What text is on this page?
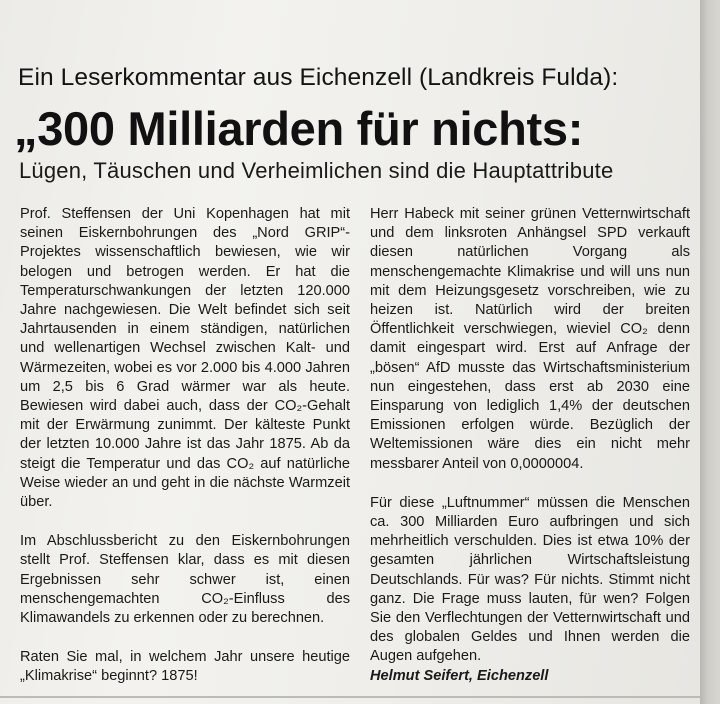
Ein Leserkommentar aus Eichenzell (Landkreis Fulda):
„300 Milliarden für nichts:
Lügen, Täuschen und Verheimlichen sind die Hauptattribute

Prof. Steffensen der Uni Kopenhagen hat mit seinen Eiskernbohrungen des „Nord GRIP“-Projektes wissenschaftlich bewiesen, wie wir belogen und betrogen werden. Er hat die Temperaturschwankungen der letzten 120.000 Jahre nachgewiesen. Die Welt befindet sich seit Jahrtausenden in einem ständigen, natürlichen und wellenartigen Wechsel zwischen Kalt- und Wärmezeiten, wobei es vor 2.000 bis 4.000 Jahren um 2,5 bis 6 Grad wärmer war als heute. Bewiesen wird dabei auch, dass der CO₂-Gehalt mit der Erwärmung zunimmt. Der kälteste Punkt der letzten 10.000 Jahre ist das Jahr 1875. Ab da steigt die Temperatur und das CO₂ auf natürliche Weise wieder an und geht in die nächste Warmzeit über.

Im Abschlussbericht zu den Eiskernbohrungen stellt Prof. Steffensen klar, dass es mit diesen Ergebnissen sehr schwer ist, einen menschengemachten CO₂-Einfluss des Klimawandels zu erkennen oder zu berechnen.

Raten Sie mal, in welchem Jahr unsere heutige „Klimakrise“ beginnt? 1875!

Herr Habeck mit seiner grünen Vetternwirtschaft und dem linksroten Anhängsel SPD verkauft diesen natürlichen Vorgang als menschengemachte Klimakrise und will uns nun mit dem Heizungsgesetz vorschreiben, wie zu heizen ist. Natürlich wird der breiten Öffentlichkeit verschwiegen, wieviel CO₂ denn damit eingespart wird. Erst auf Anfrage der „bösen“ AfD musste das Wirtschaftsministerium nun eingestehen, dass erst ab 2030 eine Einsparung von lediglich 1,4% der deutschen Emissionen erfolgen würde. Bezüglich der Weltemissionen wäre dies ein nicht mehr messbarer Anteil von 0,0000004.

Für diese „Luftnummer“ müssen die Menschen ca. 300 Milliarden Euro aufbringen und sich mehrheitlich verschulden. Dies ist etwa 10% der gesamten jährlichen Wirtschaftsleistung Deutschlands. Für was? Für nichts. Stimmt nicht ganz. Die Frage muss lauten, für wen? Folgen Sie den Verflechtungen der Vetternwirtschaft und des globalen Geldes und Ihnen werden die Augen aufgehen.

Helmut Seifert, Eichenzell
